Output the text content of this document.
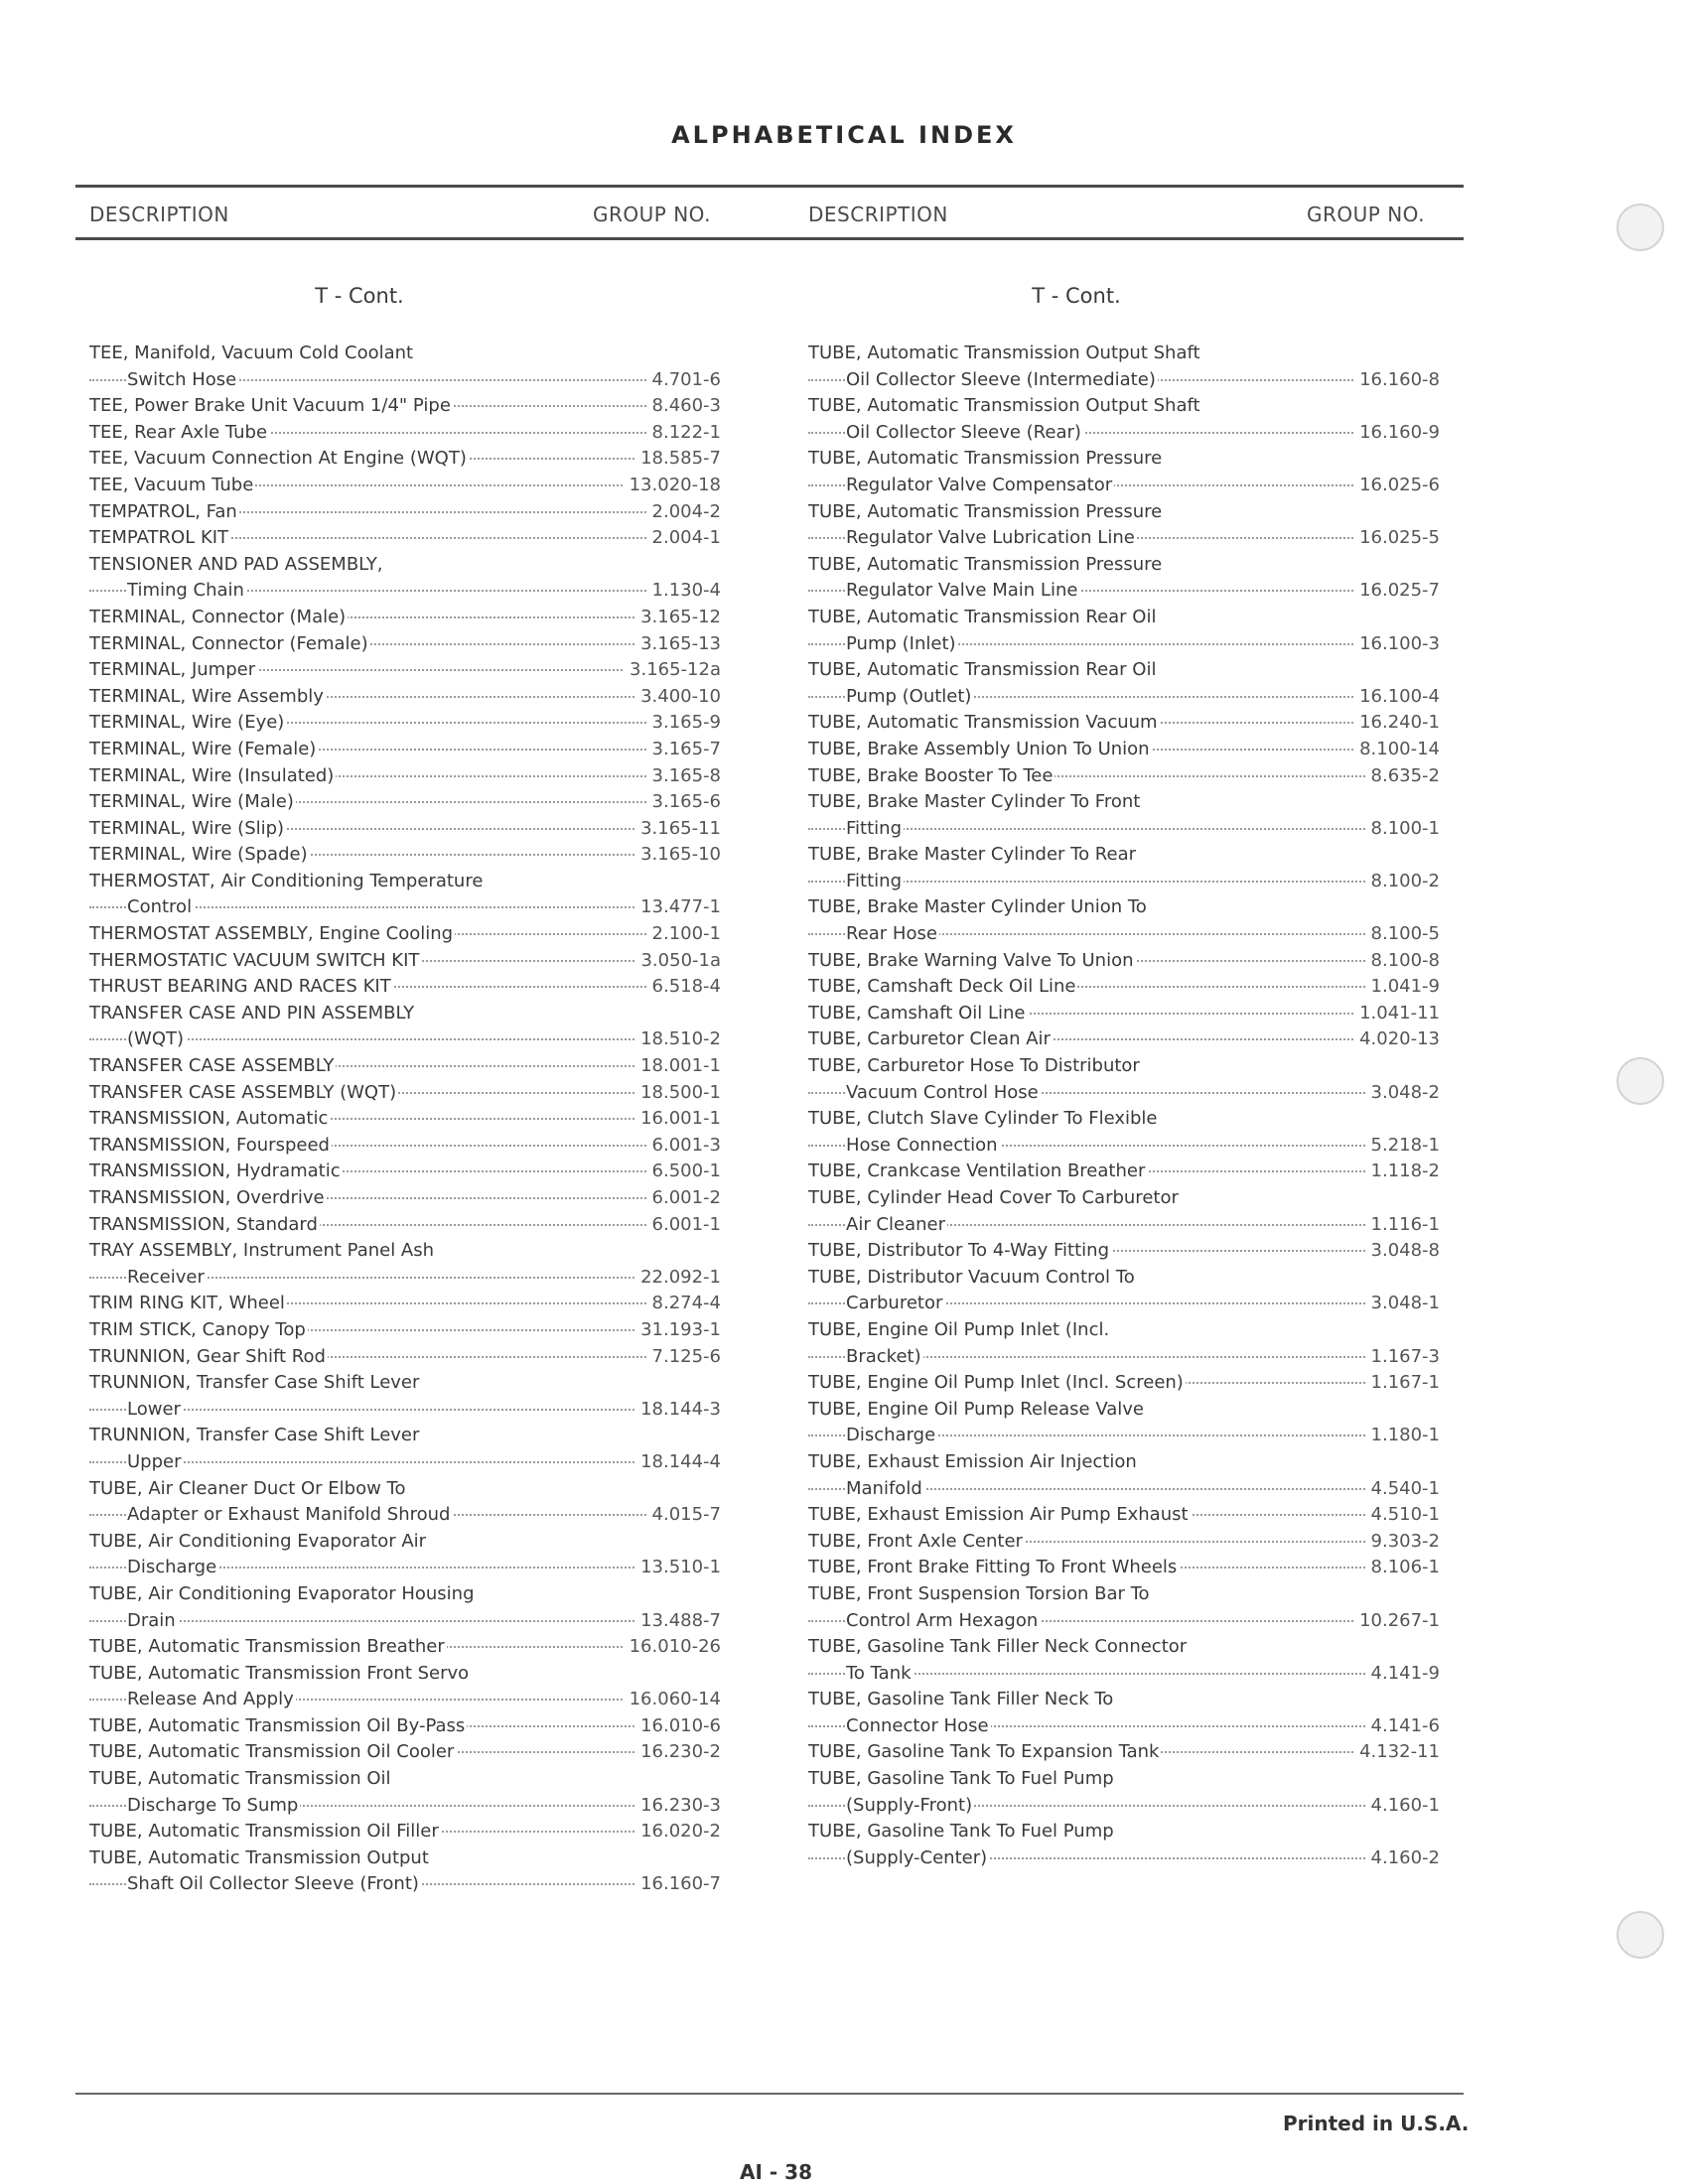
ALPHABETICAL INDEX
DESCRIPTION	GROUP NO.	DESCRIPTION	GROUP NO.
T - Cont.	T - Cont.
TEE, Manifold, Vacuum Cold Coolant
Switch Hose	4.701-6
TEE, Power Brake Unit Vacuum 1/4" Pipe	8.460-3
TEE, Rear Axle Tube	8.122-1
TEE, Vacuum Connection At Engine (WQT)	18.585-7
TEE, Vacuum Tube	13.020-18
TEMPATROL, Fan	2.004-2
TEMPATROL KIT	2.004-1
TENSIONER AND PAD ASSEMBLY,
Timing Chain	1.130-4
TERMINAL, Connector (Male)	3.165-12
TERMINAL, Connector (Female)	3.165-13
TERMINAL, Jumper	3.165-12a
TERMINAL, Wire Assembly	3.400-10
TERMINAL, Wire (Eye)	3.165-9
TERMINAL, Wire (Female)	3.165-7
TERMINAL, Wire (Insulated)	3.165-8
TERMINAL, Wire (Male)	3.165-6
TERMINAL, Wire (Slip)	3.165-11
TERMINAL, Wire (Spade)	3.165-10
THERMOSTAT, Air Conditioning Temperature
Control	13.477-1
THERMOSTAT ASSEMBLY, Engine Cooling	2.100-1
THERMOSTATIC VACUUM SWITCH KIT	3.050-1a
THRUST BEARING AND RACES KIT	6.518-4
TRANSFER CASE AND PIN ASSEMBLY
(WQT)	18.510-2
TRANSFER CASE ASSEMBLY	18.001-1
TRANSFER CASE ASSEMBLY (WQT)	18.500-1
TRANSMISSION, Automatic	16.001-1
TRANSMISSION, Fourspeed	6.001-3
TRANSMISSION, Hydramatic	6.500-1
TRANSMISSION, Overdrive	6.001-2
TRANSMISSION, Standard	6.001-1
TRAY ASSEMBLY, Instrument Panel Ash
Receiver	22.092-1
TRIM RING KIT, Wheel	8.274-4
TRIM STICK, Canopy Top	31.193-1
TRUNNION, Gear Shift Rod	7.125-6
TRUNNION, Transfer Case Shift Lever
Lower	18.144-3
TRUNNION, Transfer Case Shift Lever
Upper	18.144-4
TUBE, Air Cleaner Duct Or Elbow To
Adapter or Exhaust Manifold Shroud	4.015-7
TUBE, Air Conditioning Evaporator Air
Discharge	13.510-1
TUBE, Air Conditioning Evaporator Housing
Drain	13.488-7
TUBE, Automatic Transmission Breather	16.010-26
TUBE, Automatic Transmission Front Servo
Release And Apply	16.060-14
TUBE, Automatic Transmission Oil By-Pass	16.010-6
TUBE, Automatic Transmission Oil Cooler	16.230-2
TUBE, Automatic Transmission Oil
Discharge To Sump	16.230-3
TUBE, Automatic Transmission Oil Filler	16.020-2
TUBE, Automatic Transmission Output
Shaft Oil Collector Sleeve (Front)	16.160-7
TUBE, Automatic Transmission Output Shaft
Oil Collector Sleeve (Intermediate)	16.160-8
TUBE, Automatic Transmission Output Shaft
Oil Collector Sleeve (Rear)	16.160-9
TUBE, Automatic Transmission Pressure
Regulator Valve Compensator	16.025-6
TUBE, Automatic Transmission Pressure
Regulator Valve Lubrication Line	16.025-5
TUBE, Automatic Transmission Pressure
Regulator Valve Main Line	16.025-7
TUBE, Automatic Transmission Rear Oil
Pump (Inlet)	16.100-3
TUBE, Automatic Transmission Rear Oil
Pump (Outlet)	16.100-4
TUBE, Automatic Transmission Vacuum	16.240-1
TUBE, Brake Assembly Union To Union	8.100-14
TUBE, Brake Booster To Tee	8.635-2
TUBE, Brake Master Cylinder To Front
Fitting	8.100-1
TUBE, Brake Master Cylinder To Rear
Fitting	8.100-2
TUBE, Brake Master Cylinder Union To
Rear Hose	8.100-5
TUBE, Brake Warning Valve To Union	8.100-8
TUBE, Camshaft Deck Oil Line	1.041-9
TUBE, Camshaft Oil Line	1.041-11
TUBE, Carburetor Clean Air	4.020-13
TUBE, Carburetor Hose To Distributor
Vacuum Control Hose	3.048-2
TUBE, Clutch Slave Cylinder To Flexible
Hose Connection	5.218-1
TUBE, Crankcase Ventilation Breather	1.118-2
TUBE, Cylinder Head Cover To Carburetor
Air Cleaner	1.116-1
TUBE, Distributor To 4-Way Fitting	3.048-8
TUBE, Distributor Vacuum Control To
Carburetor	3.048-1
TUBE, Engine Oil Pump Inlet (Incl.
Bracket)	1.167-3
TUBE, Engine Oil Pump Inlet (Incl. Screen)	1.167-1
TUBE, Engine Oil Pump Release Valve
Discharge	1.180-1
TUBE, Exhaust Emission Air Injection
Manifold	4.540-1
TUBE, Exhaust Emission Air Pump Exhaust	4.510-1
TUBE, Front Axle Center	9.303-2
TUBE, Front Brake Fitting To Front Wheels	8.106-1
TUBE, Front Suspension Torsion Bar To
Control Arm Hexagon	10.267-1
TUBE, Gasoline Tank Filler Neck Connector
To Tank	4.141-9
TUBE, Gasoline Tank Filler Neck To
Connector Hose	4.141-6
TUBE, Gasoline Tank To Expansion Tank	4.132-11
TUBE, Gasoline Tank To Fuel Pump
(Supply-Front)	4.160-1
TUBE, Gasoline Tank To Fuel Pump
(Supply-Center)	4.160-2
Printed in U.S.A.
AI - 38
